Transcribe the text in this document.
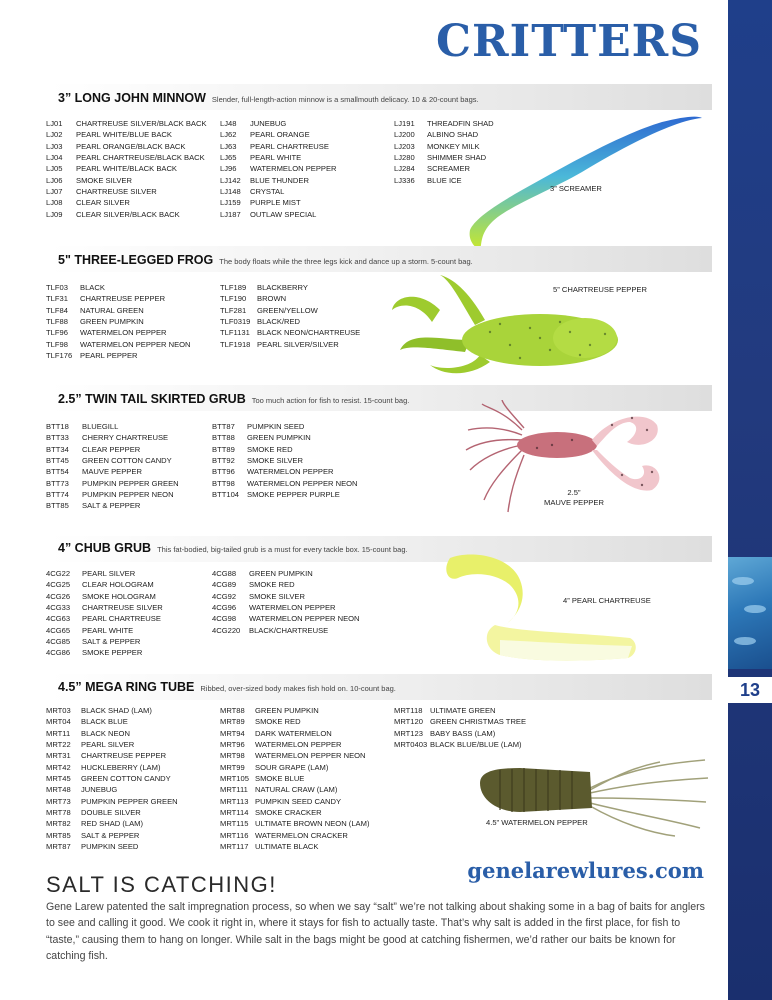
13
CRITTERS
3” LONG JOHN MINNOW Slender, full-length-action minnow is a smallmouth delicacy. 10 & 20-count bags.
LJ01	CHARTREUSE SILVER/BLACK BACK
LJ02	PEARL WHITE/BLUE BACK
LJ03	PEARL ORANGE/BLACK BACK
LJ04	PEARL CHARTREUSE/BLACK BACK
LJ05	PEARL WHITE/BLACK BACK
LJ06	SMOKE SILVER
LJ07	CHARTREUSE SILVER
LJ08	CLEAR SILVER
LJ09	CLEAR SILVER/BLACK BACK
LJ48	JUNEBUG
LJ62	PEARL ORANGE
LJ63	PEARL CHARTREUSE
LJ65	PEARL WHITE
LJ96	WATERMELON PEPPER
LJ142	BLUE THUNDER
LJ148	CRYSTAL
LJ159	PURPLE MIST
LJ187	OUTLAW SPECIAL
LJ191	THREADFIN SHAD
LJ200	ALBINO SHAD
LJ203	MONKEY MILK
LJ280	SHIMMER SHAD
LJ284	SCREAMER
LJ336	BLUE ICE
3” SCREAMER
5" THREE-LEGGED FROG The body floats while the three legs kick and dance up a storm. 5-count bag.
TLF03	BLACK
TLF31	CHARTREUSE PEPPER
TLF84	NATURAL GREEN
TLF88	GREEN PUMPKIN
TLF96	WATERMELON PEPPER
TLF98	WATERMELON PEPPER NEON
TLF176	PEARL PEPPER
TLF189	BLACKBERRY
TLF190	BROWN
TLF281	GREEN/YELLOW
TLF0319 BLACK/RED
TLF1131 BLACK NEON/CHARTREUSE
TLF1918 PEARL SILVER/SILVER
5” CHARTREUSE PEPPER
2.5” TWIN TAIL SKIRTED GRUB Too much action for fish to resist. 15-count bag.
BTT18	BLUEGILL
BTT33	CHERRY CHARTREUSE
BTT34	CLEAR PEPPER
BTT45	GREEN COTTON CANDY
BTT54	MAUVE PEPPER
BTT73	PUMPKIN PEPPER GREEN
BTT74	PUMPKIN PEPPER NEON
BTT85	SALT & PEPPER
BTT87	PUMPKIN SEED
BTT88	GREEN PUMPKIN
BTT89	SMOKE RED
BTT92	SMOKE SILVER
BTT96	WATERMELON PEPPER
BTT98	WATERMELON PEPPER NEON
BTT104	SMOKE PEPPER PURPLE	2.5”
MAUVE PEPPER
4” CHUB GRUB This fat-bodied, big-tailed grub is a must for every tackle box. 15-count bag.
4CG22	PEARL SILVER
4CG25	CLEAR HOLOGRAM
4CG26	SMOKE HOLOGRAM
4CG33	CHARTREUSE SILVER
4CG63	PEARL CHARTREUSE
4CG65	PEARL WHITE
4CG85	SALT & PEPPER
4CG86	SMOKE PEPPER
4CG88	GREEN PUMPKIN
4CG89	SMOKE RED
4CG92	SMOKE SILVER
4CG96	WATERMELON PEPPER
4CG98	WATERMELON PEPPER NEON
4CG220	BLACK/CHARTREUSE
4” PEARL CHARTREUSE
4.5” MEGA RING TUBE Ribbed, over-sized body makes fish hold on. 10-count bag.
MRT03	BLACK SHAD (LAM)
MRT04	BLACK BLUE
MRT11	BLACK NEON
MRT22	PEARL SILVER
MRT31	CHARTREUSE PEPPER
MRT42	HUCKLEBERRY (LAM)
MRT45	GREEN COTTON CANDY
MRT48	JUNEBUG
MRT73	PUMPKIN PEPPER GREEN
MRT78	DOUBLE SILVER
MRT82	RED SHAD (LAM)
MRT85	SALT & PEPPER
MRT87	PUMPKIN SEED
MRT88	GREEN PUMPKIN
MRT89	SMOKE RED
MRT94	DARK WATERMELON
MRT96	WATERMELON PEPPER
MRT98	WATERMELON PEPPER NEON
MRT99	SOUR GRAPE (LAM)
MRT105 SMOKE BLUE
MRT111 NATURAL CRAW (LAM)
MRT113 PUMPKIN SEED CANDY
MRT114 SMOKE CRACKER
MRT115 ULTIMATE BROWN NEON (LAM)
MRT116 WATERMELON CRACKER
MRT117 ULTIMATE BLACK
MRT118 ULTIMATE GREEN
MRT120 GREEN CHRISTMAS TREE
MRT123 BABY BASS (LAM)
MRT0403 BLACK BLUE/BLUE (LAM)
4.5” WATERMELON PEPPER
genelarewlures.com
SALT IS CATCHING!
Gene Larew patented the salt impregnation process, so when we say “salt” we’re not talking about shaking some in a bag of baits for anglers to see and calling it good. We cook it right in, where it stays for fish to actually taste. That’s why salt is added in the first place, for fish to “taste,” causing them to hang on longer. While salt in the bags might be good at catching fishermen, we’d rather our baits be known for catching fish.
